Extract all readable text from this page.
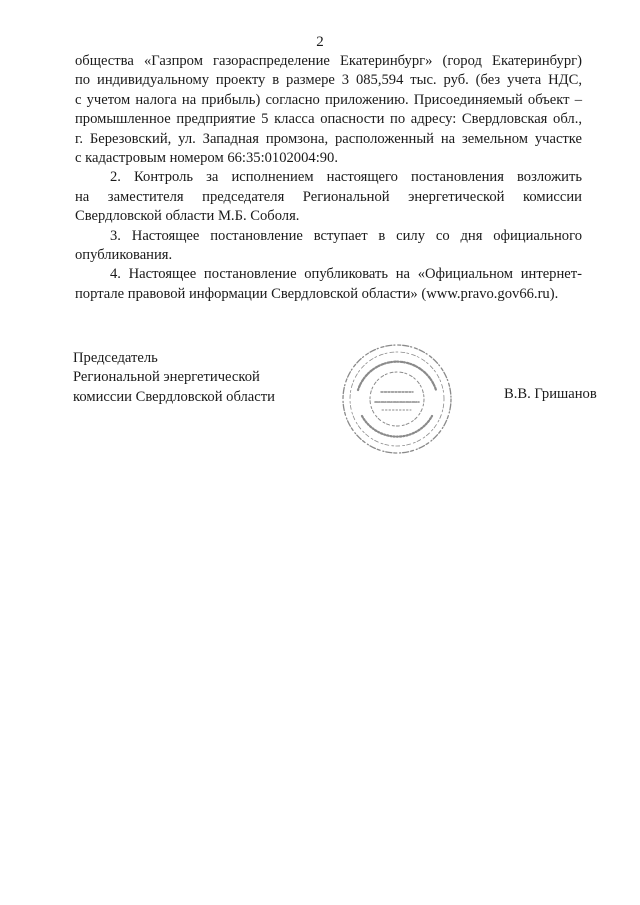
2
общества «Газпром газораспределение Екатеринбург» (город Екатеринбург)
по индивидуальному проекту в размере 3 085,594 тыс. руб. (без учета НДС,
с учетом налога на прибыль) согласно приложению. Присоединяемый объект –
промышленное предприятие 5 класса опасности по адресу: Свердловская обл.,
г. Березовский, ул. Западная промзона, расположенный на земельном участке
с кадастровым номером 66:35:0102004:90.
2. Контроль за исполнением настоящего постановления возложить
на заместителя председателя Региональной энергетической комиссии
Свердловской области М.Б. Соболя.
3. Настоящее постановление вступает в силу со дня официального
опубликования.
4. Настоящее постановление опубликовать на «Официальном интернет-
портале правовой информации Свердловской области» (www.pravo.gov66.ru).
Председатель
Региональной энергетической
комиссии Свердловской области	В.В. Гришанов
